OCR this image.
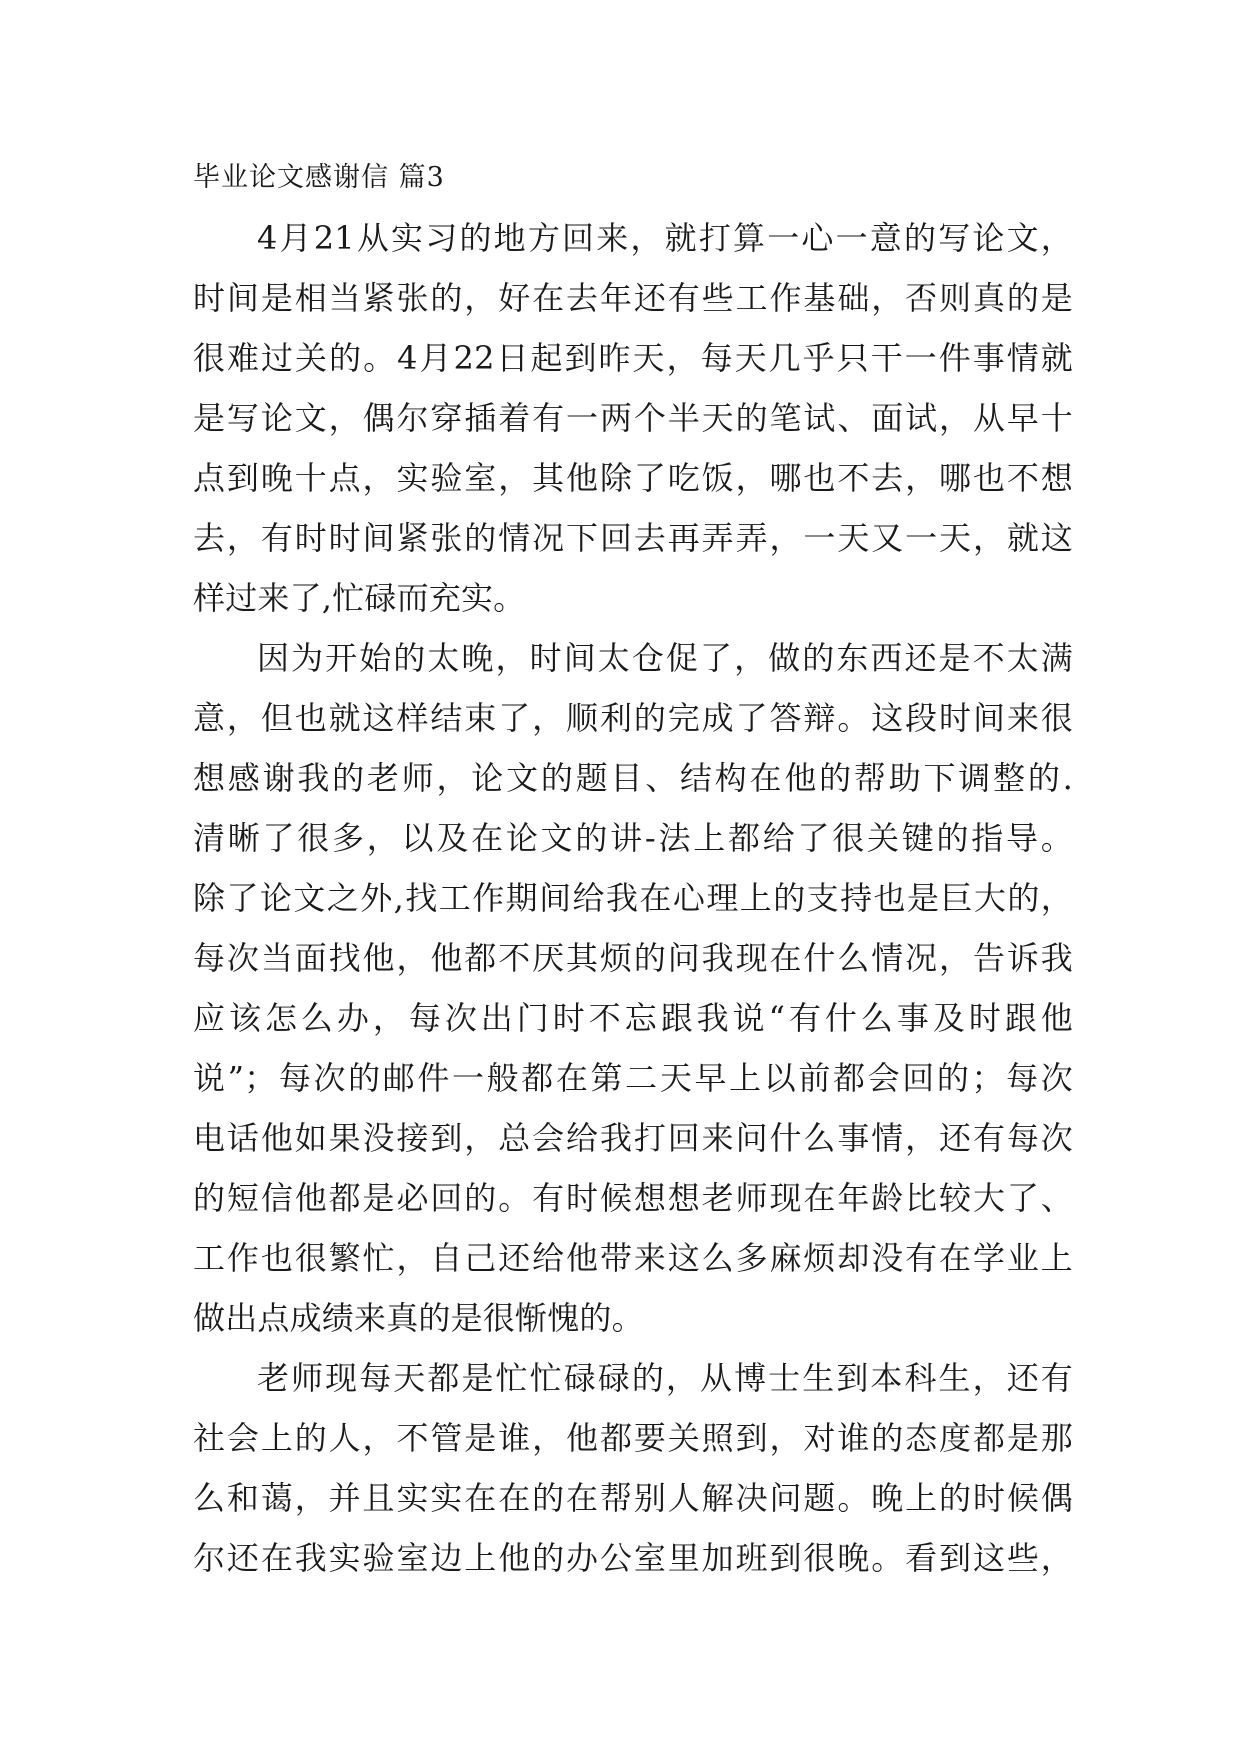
毕业论文感谢信 篇3
4月21从实习的地方回来，就打算一心一意的写论文，
时间是相当紧张的，好在去年还有些工作基础，否则真的是
很难过关的。4月22日起到昨天，每天几乎只干一件事情就
是写论文，偶尔穿插着有一两个半天的笔试、面试，从早十
点到晚十点，实验室，其他除了吃饭，哪也不去，哪也不想
去，有时时间紧张的情况下回去再弄弄，一天又一天，就这
样过来了,忙碌而充实。
因为开始的太晚，时间太仓促了，做的东西还是不太满
意，但也就这样结束了，顺利的完成了答辩。这段时间来很
想感谢我的老师，论文的题目、结构在他的帮助下调整的.
清晰了很多，以及在论文的讲-法上都给了很关键的指导。
除了论文之外,找工作期间给我在心理上的支持也是巨大的，
每次当面找他，他都不厌其烦的问我现在什么情况，告诉我
应该怎么办，每次出门时不忘跟我说“有什么事及时跟他
说”；每次的邮件一般都在第二天早上以前都会回的；每次
电话他如果没接到，总会给我打回来问什么事情，还有每次
的短信他都是必回的。有时候想想老师现在年龄比较大了、
工作也很繁忙，自己还给他带来这么多麻烦却没有在学业上
做出点成绩来真的是很惭愧的。
老师现每天都是忙忙碌碌的，从博士生到本科生，还有
社会上的人，不管是谁，他都要关照到，对谁的态度都是那
么和蔼，并且实实在在的在帮别人解决问题。晚上的时候偶
尔还在我实验室边上他的办公室里加班到很晚。看到这些，
